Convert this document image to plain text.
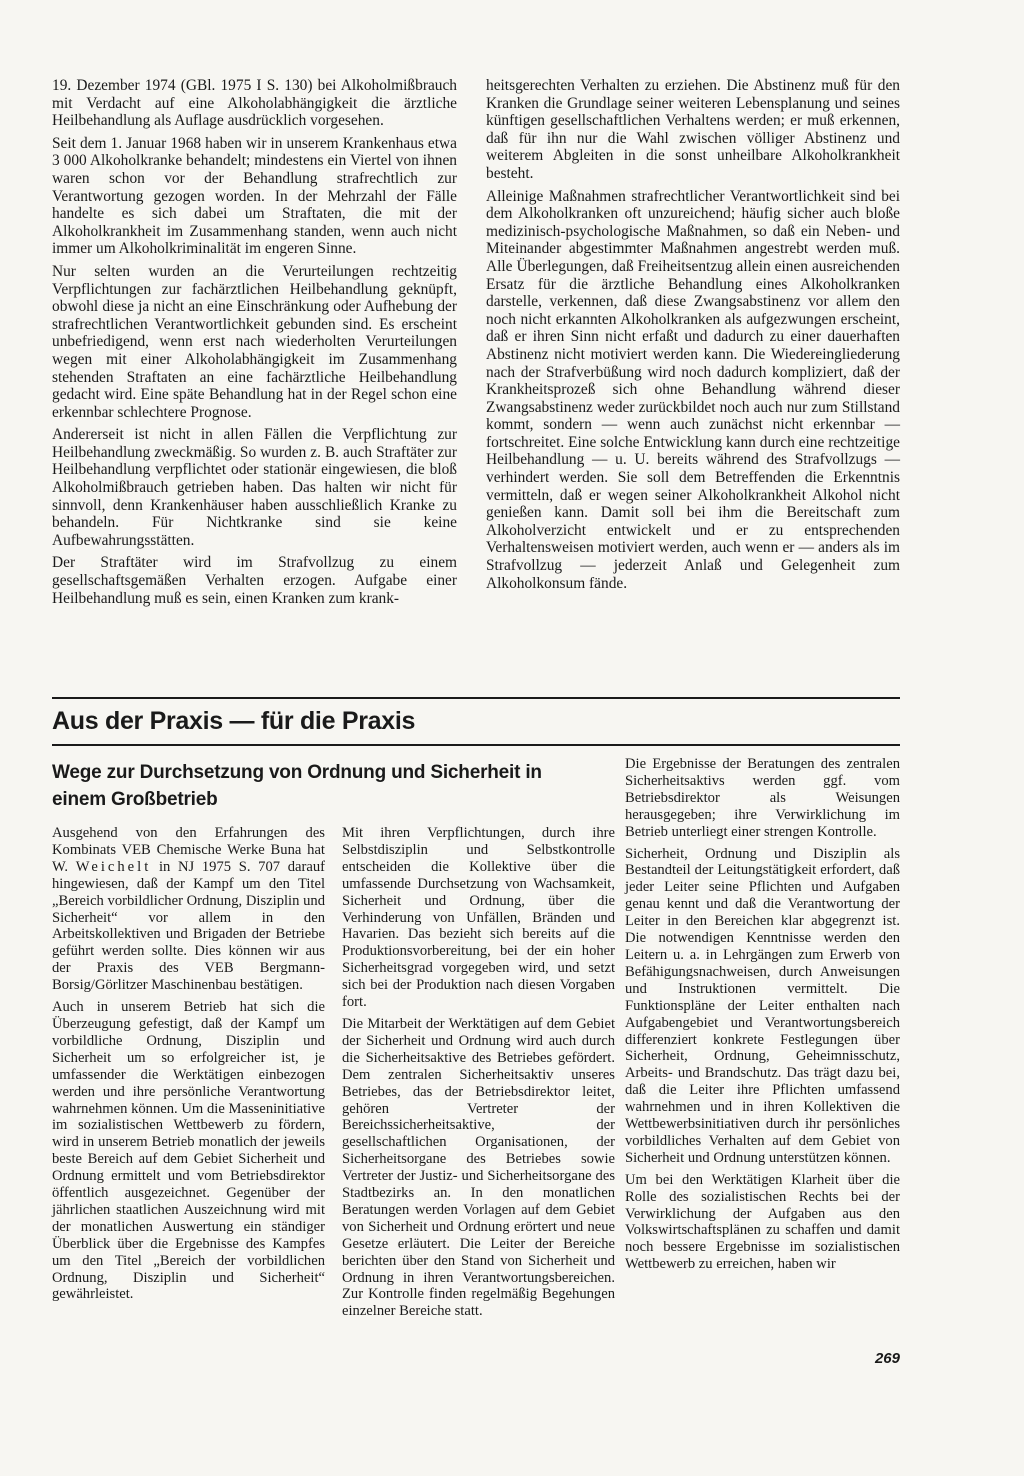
19. Dezember 1974 (GBl. 1975 I S. 130) bei Alkoholmißbrauch mit Verdacht auf eine Alkoholabhängigkeit die ärztliche Heilbehandlung als Auflage ausdrücklich vorgesehen.

Seit dem 1. Januar 1968 haben wir in unserem Krankenhaus etwa 3 000 Alkoholkranke behandelt; mindestens ein Viertel von ihnen waren schon vor der Behandlung strafrechtlich zur Verantwortung gezogen worden. In der Mehrzahl der Fälle handelte es sich dabei um Straftaten, die mit der Alkoholkrankheit im Zusammenhang standen, wenn auch nicht immer um Alkoholkriminalität im engeren Sinne.

Nur selten wurden an die Verurteilungen rechtzeitig Verpflichtungen zur fachärztlichen Heilbehandlung geknüpft, obwohl diese ja nicht an eine Einschränkung oder Aufhebung der strafrechtlichen Verantwortlichkeit gebunden sind. Es erscheint unbefriedigend, wenn erst nach wiederholten Verurteilungen wegen mit einer Alkoholabhängigkeit im Zusammenhang stehenden Straftaten an eine fachärztliche Heilbehandlung gedacht wird. Eine späte Behandlung hat in der Regel schon eine erkennbar schlechtere Prognose.

Andererseit ist nicht in allen Fällen die Verpflichtung zur Heilbehandlung zweckmäßig. So wurden z. B. auch Straftäter zur Heilbehandlung verpflichtet oder stationär eingewiesen, die bloß Alkoholmißbrauch getrieben haben. Das halten wir nicht für sinnvoll, denn Krankenhäuser haben ausschließlich Kranke zu behandeln. Für Nichtkranke sind sie keine Aufbewahrungsstätten.

Der Straftäter wird im Strafvollzug zu einem gesellschaftsgemäßen Verhalten erzogen. Aufgabe einer Heilbehandlung muß es sein, einen Kranken zum krank-

heitsgerechten Verhalten zu erziehen. Die Abstinenz muß für den Kranken die Grundlage seiner weiteren Lebensplanung und seines künftigen gesellschaftlichen Verhaltens werden; er muß erkennen, daß für ihn nur die Wahl zwischen völliger Abstinenz und weiterem Abgleiten in die sonst unheilbare Alkoholkrankheit besteht.

Alleinige Maßnahmen strafrechtlicher Verantwortlichkeit sind bei dem Alkoholkranken oft unzureichend; häufig sicher auch bloße medizinisch-psychologische Maßnahmen, so daß ein Neben- und Miteinander abgestimmter Maßnahmen angestrebt werden muß. Alle Überlegungen, daß Freiheitsentzug allein einen ausreichenden Ersatz für die ärztliche Behandlung eines Alkoholkranken darstelle, verkennen, daß diese Zwangsabstinenz vor allem den noch nicht erkannten Alkoholkranken als aufgezwungen erscheint, daß er ihren Sinn nicht erfaßt und dadurch zu einer dauerhaften Abstinenz nicht motiviert werden kann. Die Wiedereingliederung nach der Strafverbüßung wird noch dadurch kompliziert, daß der Krankheitsprozeß sich ohne Behandlung während dieser Zwangsabstinenz weder zurückbildet noch auch nur zum Stillstand kommt, sondern — wenn auch zunächst nicht erkennbar — fortschreitet. Eine solche Entwicklung kann durch eine rechtzeitige Heilbehandlung — u. U. bereits während des Strafvollzugs — verhindert werden. Sie soll dem Betreffenden die Erkenntnis vermitteln, daß er wegen seiner Alkoholkrankheit Alkohol nicht genießen kann. Damit soll bei ihm die Bereitschaft zum Alkoholverzicht entwickelt und er zu entsprechenden Verhaltensweisen motiviert werden, auch wenn er — anders als im Strafvollzug — jederzeit Anlaß und Gelegenheit zum Alkoholkonsum fände.

Aus der Praxis — für die Praxis
Wege zur Durchsetzung von Ordnung und Sicherheit in einem Großbetrieb

Ausgehend von den Erfahrungen des Kombinats VEB Chemische Werke Buna hat W. Weichelt in NJ 1975 S. 707 darauf hingewiesen, daß der Kampf um den Titel „Bereich vorbildlicher Ordnung, Disziplin und Sicherheit“ vor allem in den Arbeitskollektiven und Brigaden der Betriebe geführt werden sollte. Dies können wir aus der Praxis des VEB Bergmann-Borsig/Görlitzer Maschinenbau bestätigen.

Auch in unserem Betrieb hat sich die Überzeugung gefestigt, daß der Kampf um vorbildliche Ordnung, Disziplin und Sicherheit um so erfolgreicher ist, je umfassender die Werktätigen einbezogen werden und ihre persönliche Verantwortung wahrnehmen können. Um die Masseninitiative im sozialistischen Wettbewerb zu fördern, wird in unserem Betrieb monatlich der jeweils beste Bereich auf dem Gebiet Sicherheit und Ordnung ermittelt und vom Betriebsdirektor öffentlich ausgezeichnet. Gegenüber der jährlichen staatlichen Auszeichnung wird mit der monatlichen Auswertung ein ständiger Überblick über die Ergebnisse des Kampfes um den Titel „Bereich der vorbildlichen Ordnung, Disziplin und Sicherheit“ gewährleistet.

Mit ihren Verpflichtungen, durch ihre Selbstdisziplin und Selbstkontrolle entscheiden die Kollektive über die umfassende Durchsetzung von Wachsamkeit, Sicherheit und Ordnung, über die Verhinderung von Unfällen, Bränden und Havarien. Das bezieht sich bereits auf die Produktionsvorbereitung, bei der ein hoher Sicherheitsgrad vorgegeben wird, und setzt sich bei der Produktion nach diesen Vorgaben fort.

Die Mitarbeit der Werktätigen auf dem Gebiet der Sicherheit und Ordnung wird auch durch die Sicherheitsaktive des Betriebes gefördert. Dem zentralen Sicherheitsaktiv unseres Betriebes, das der Betriebsdirektor leitet, gehören Vertreter der Bereichssicherheitsaktive, der gesellschaftlichen Organisationen, der Sicherheitsorgane des Betriebes sowie Vertreter der Justiz- und Sicherheitsorgane des Stadtbezirks an. In den monatlichen Beratungen werden Vorlagen auf dem Gebiet von Sicherheit und Ordnung erörtert und neue Gesetze erläutert. Die Leiter der Bereiche berichten über den Stand von Sicherheit und Ordnung in ihren Verantwortungsbereichen. Zur Kontrolle finden regelmäßig Begehungen einzelner Bereiche statt.

Die Ergebnisse der Beratungen des zentralen Sicherheitsaktivs werden ggf. vom Betriebsdirektor als Weisungen herausgegeben; ihre Verwirklichung im Betrieb unterliegt einer strengen Kontrolle.

Sicherheit, Ordnung und Disziplin als Bestandteil der Leitungstätigkeit erfordert, daß jeder Leiter seine Pflichten und Aufgaben genau kennt und daß die Verantwortung der Leiter in den Bereichen klar abgegrenzt ist. Die notwendigen Kenntnisse werden den Leitern u. a. in Lehrgängen zum Erwerb von Befähigungsnachweisen, durch Anweisungen und Instruktionen vermittelt. Die Funktionspläne der Leiter enthalten nach Aufgabengebiet und Verantwortungsbereich differenziert konkrete Festlegungen über Sicherheit, Ordnung, Geheimnisschutz, Arbeits- und Brandschutz. Das trägt dazu bei, daß die Leiter ihre Pflichten umfassend wahrnehmen und in ihren Kollektiven die Wettbewerbsinitiativen durch ihr persönliches vorbildliches Verhalten auf dem Gebiet von Sicherheit und Ordnung unterstützen können.

Um bei den Werktätigen Klarheit über die Rolle des sozialistischen Rechts bei der Verwirklichung der Aufgaben aus den Volkswirtschaftsplänen zu schaffen und damit noch bessere Ergebnisse im sozialistischen Wettbewerb zu erreichen, haben wir

269
